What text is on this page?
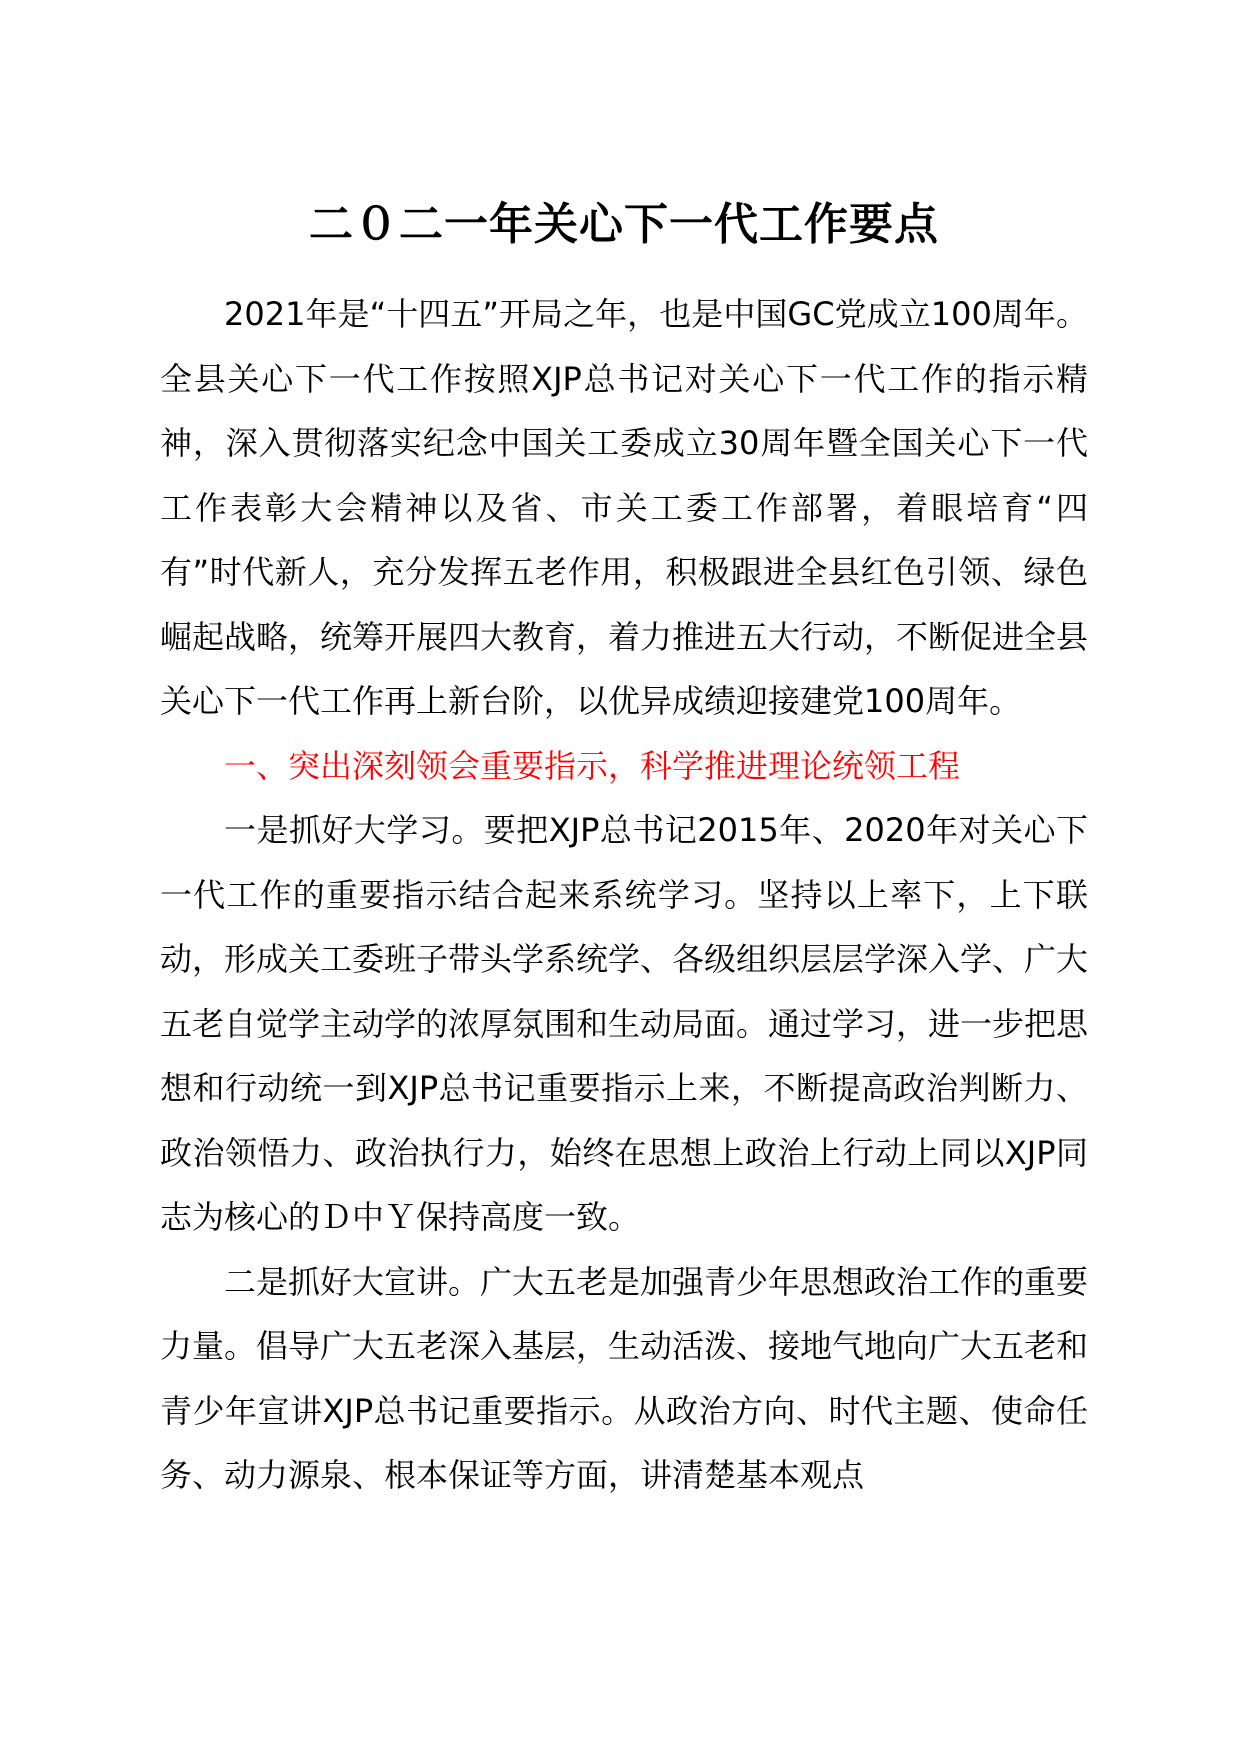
二０二一年关心下一代工作要点

2021年是“十四五”开局之年，也是中国GC党成立100周年。全县关心下一代工作按照XJP总书记对关心下一代工作的指示精神，深入贯彻落实纪念中国关工委成立30周年暨全国关心下一代工作表彰大会精神以及省、市关工委工作部署，着眼培育“四有”时代新人，充分发挥五老作用，积极跟进全县红色引领、绿色崛起战略，统筹开展四大教育，着力推进五大行动，不断促进全县关心下一代工作再上新台阶，以优异成绩迎接建党100周年。

一、突出深刻领会重要指示，科学推进理论统领工程

一是抓好大学习。要把XJP总书记2015年、2020年对关心下一代工作的重要指示结合起来系统学习。坚持以上率下，上下联动，形成关工委班子带头学系统学、各级组织层层学深入学、广大五老自觉学主动学的浓厚氛围和生动局面。通过学习，进一步把思想和行动统一到XJP总书记重要指示上来，不断提高政治判断力、政治领悟力、政治执行力，始终在思想上政治上行动上同以XJP同志为核心的Ｄ中Ｙ保持高度一致。

二是抓好大宣讲。广大五老是加强青少年思想政治工作的重要力量。倡导广大五老深入基层，生动活泼、接地气地向广大五老和青少年宣讲XJP总书记重要指示。从政治方向、时代主题、使命任务、动力源泉、根本保证等方面，讲清楚基本观点
